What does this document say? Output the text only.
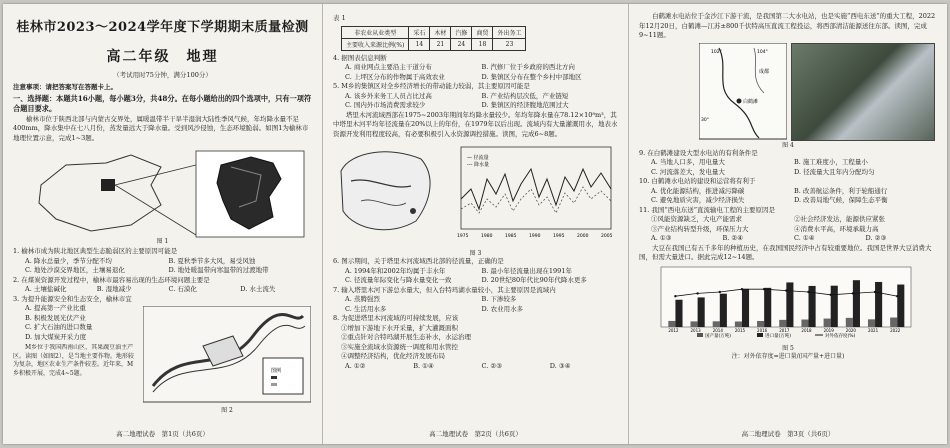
桂林市2023～2024学年度下学期期末质量检测
高二年级　地理
（考试用时75分钟，满分100分）
注意事项：请把答案写在答题卡上。
一、选择题：本题共16小题，每小题3分，共48分。在每小题给出的四个选项中，只有一项符合题目要求。
榆林市位于陕西北部与内蒙古交界处，属暖温带半干旱半湿润大陆性季风气候，年均降水量不足400mm，降水集中在七八月份，蒸发量远大于降水量。受到风沙侵蚀，生态环境脆弱。如图1为榆林市地理位置示意，完成1~3题。
图 1
1. 榆林市成为陕北地区典型生态脆弱区的主要原因可能是
A. 降水总量少，季节分配不均	B. 夏秋季节多大风，易受风蚀
C. 地处沙漠交界地区，土壤易退化	D. 地处暖温带向寒温带的过渡地带
2. 在煤炭资源开发过程中，榆林市最容易出现的生态环境问题主要是
A. 土壤盐碱化	B. 湿地减少	C. 石漠化	D. 水土流失
3. 为提升能源安全和生态安全，榆林市宜
A. 提高第一产业比重
B. 积极发展光伏产业
C. 扩大石油的进口数量
D. 加大煤炭开采力度
M乡位于我国西南山区，其果蔬豆油主产区。读图（如图2），是当地主要作物。地形较为复杂，地区农业生产条件较差。近年来，M乡积极开展，完成4~5题。	图例
图 2
高二地理试卷　第1页（共6页）
表 1
非农业从业类型	采石	木材	汽修	商贸	外出务工
主要收入来源比例(%)	14	21	24	18	23
4. 据图表信息判断
A. 商业网点主要沿主干道分布	B. 汽修厂位于乡政府的西北方向
C. 上坪区分布的作物属于高效农业	D. 集镇区分布在整个乡村中部地区
5. M乡的集镇区对全乡经济增长的带动能力较弱，其主要原因可能是
A. 该乡外来务工人员占比过高	B. 产业结构层次低，产业链短
C. 国内外市场消费需求较少	D. 集镇区的经济腹地范围过大
塔里木河流域西部在1975~2003年期间年均降水量较少。年均年降水量在78.12×10⁸m³，其中塔里木河平均年径流量在20%以上的年份，在1979年以后出现。流域内有大量灌溉用水，地表水资源开发利用程度较高，有必要积极引入水资源调控措施。读图，完成6~8题。
— 径流量
--- 降水量
1975	1980	1985	1990	1995	2000	2005
图 3
6. 图示期间，关于塔里木河流域西北部的径流量，正确的是
A. 1994年和2002年均属于丰水年	B. 最小年径流量出现在1991年
C. 径流量年际变化与降水量变化一致	D. 20世纪80年代比90年代降水更多
7. 输入塔里木河下游总水量大，但入台特玛湖水量较小，其主要原因是流域内
A. 蒸腾强烈	B. 下渗较多
C. 生活用水多	D. 农业用水多
8. 为促进塔里木河流域的可持续发展，应该
①增加下游地下水开采量，扩大灌溉面积
②重点针对合特玛湖开展生态补水，水运治理
③实施全流域水资源统一调度和用水管控
④调整经济结构，优化经济发展布局
A. ①②	B. ①④	C. ②③	D. ③④
高二地理试卷　第2页（共6页）
白鹤滩水电站位于金沙江下游干流，是我国第二大水电站，也是实施“西电东送”的重大工程，2022年12月20日，白鹤滩—江苏±800千伏特高压直流工程投运，将西部清洁能源送往东部。读图，完成9~11题。
白鹤滩
成都
102°	104°
30°
图 4
9. 在白鹤滩建设大型水电站的有利条件是
A. 当地人口多，用电量大	B. 施工难度小，工程量小
C. 河流落差大，发电量大	D. 径流量大且年内分配均匀
10. 白鹤滩水电站的建设和运营将有利于
A. 优化能源结构，推进减污降碳	B. 改善航运条件，利于轮船通行
C. 避免地质灾害，减少经济损失	D. 改善局地气候，保障生态平衡
11. 我国“西电东送”直流输电工程的主要原因是
①风能资源缺乏，大电产能需求	②社会经济发达，能源供应紧张
③产业结构转型升级，环保压力大	④消费水平高，环境承载力高
A. ①③	B. ②④	C. ①④	D. ②③
大豆在我国已有五千多年的种植历史，在我国国民经济中占有较重要地位。我国是世界大豆消费大国，但需大量进口。据此完成12~14题。
2012	2013	2014	2015	2016	2017	2018	2019	2020	2021	2022
国产量(万吨)	进口量(万吨)	对外依存度(%)
图 5
注：对外依存度=进口量/(国产量+进口量)
高二地理试卷　第3页（共6页）
